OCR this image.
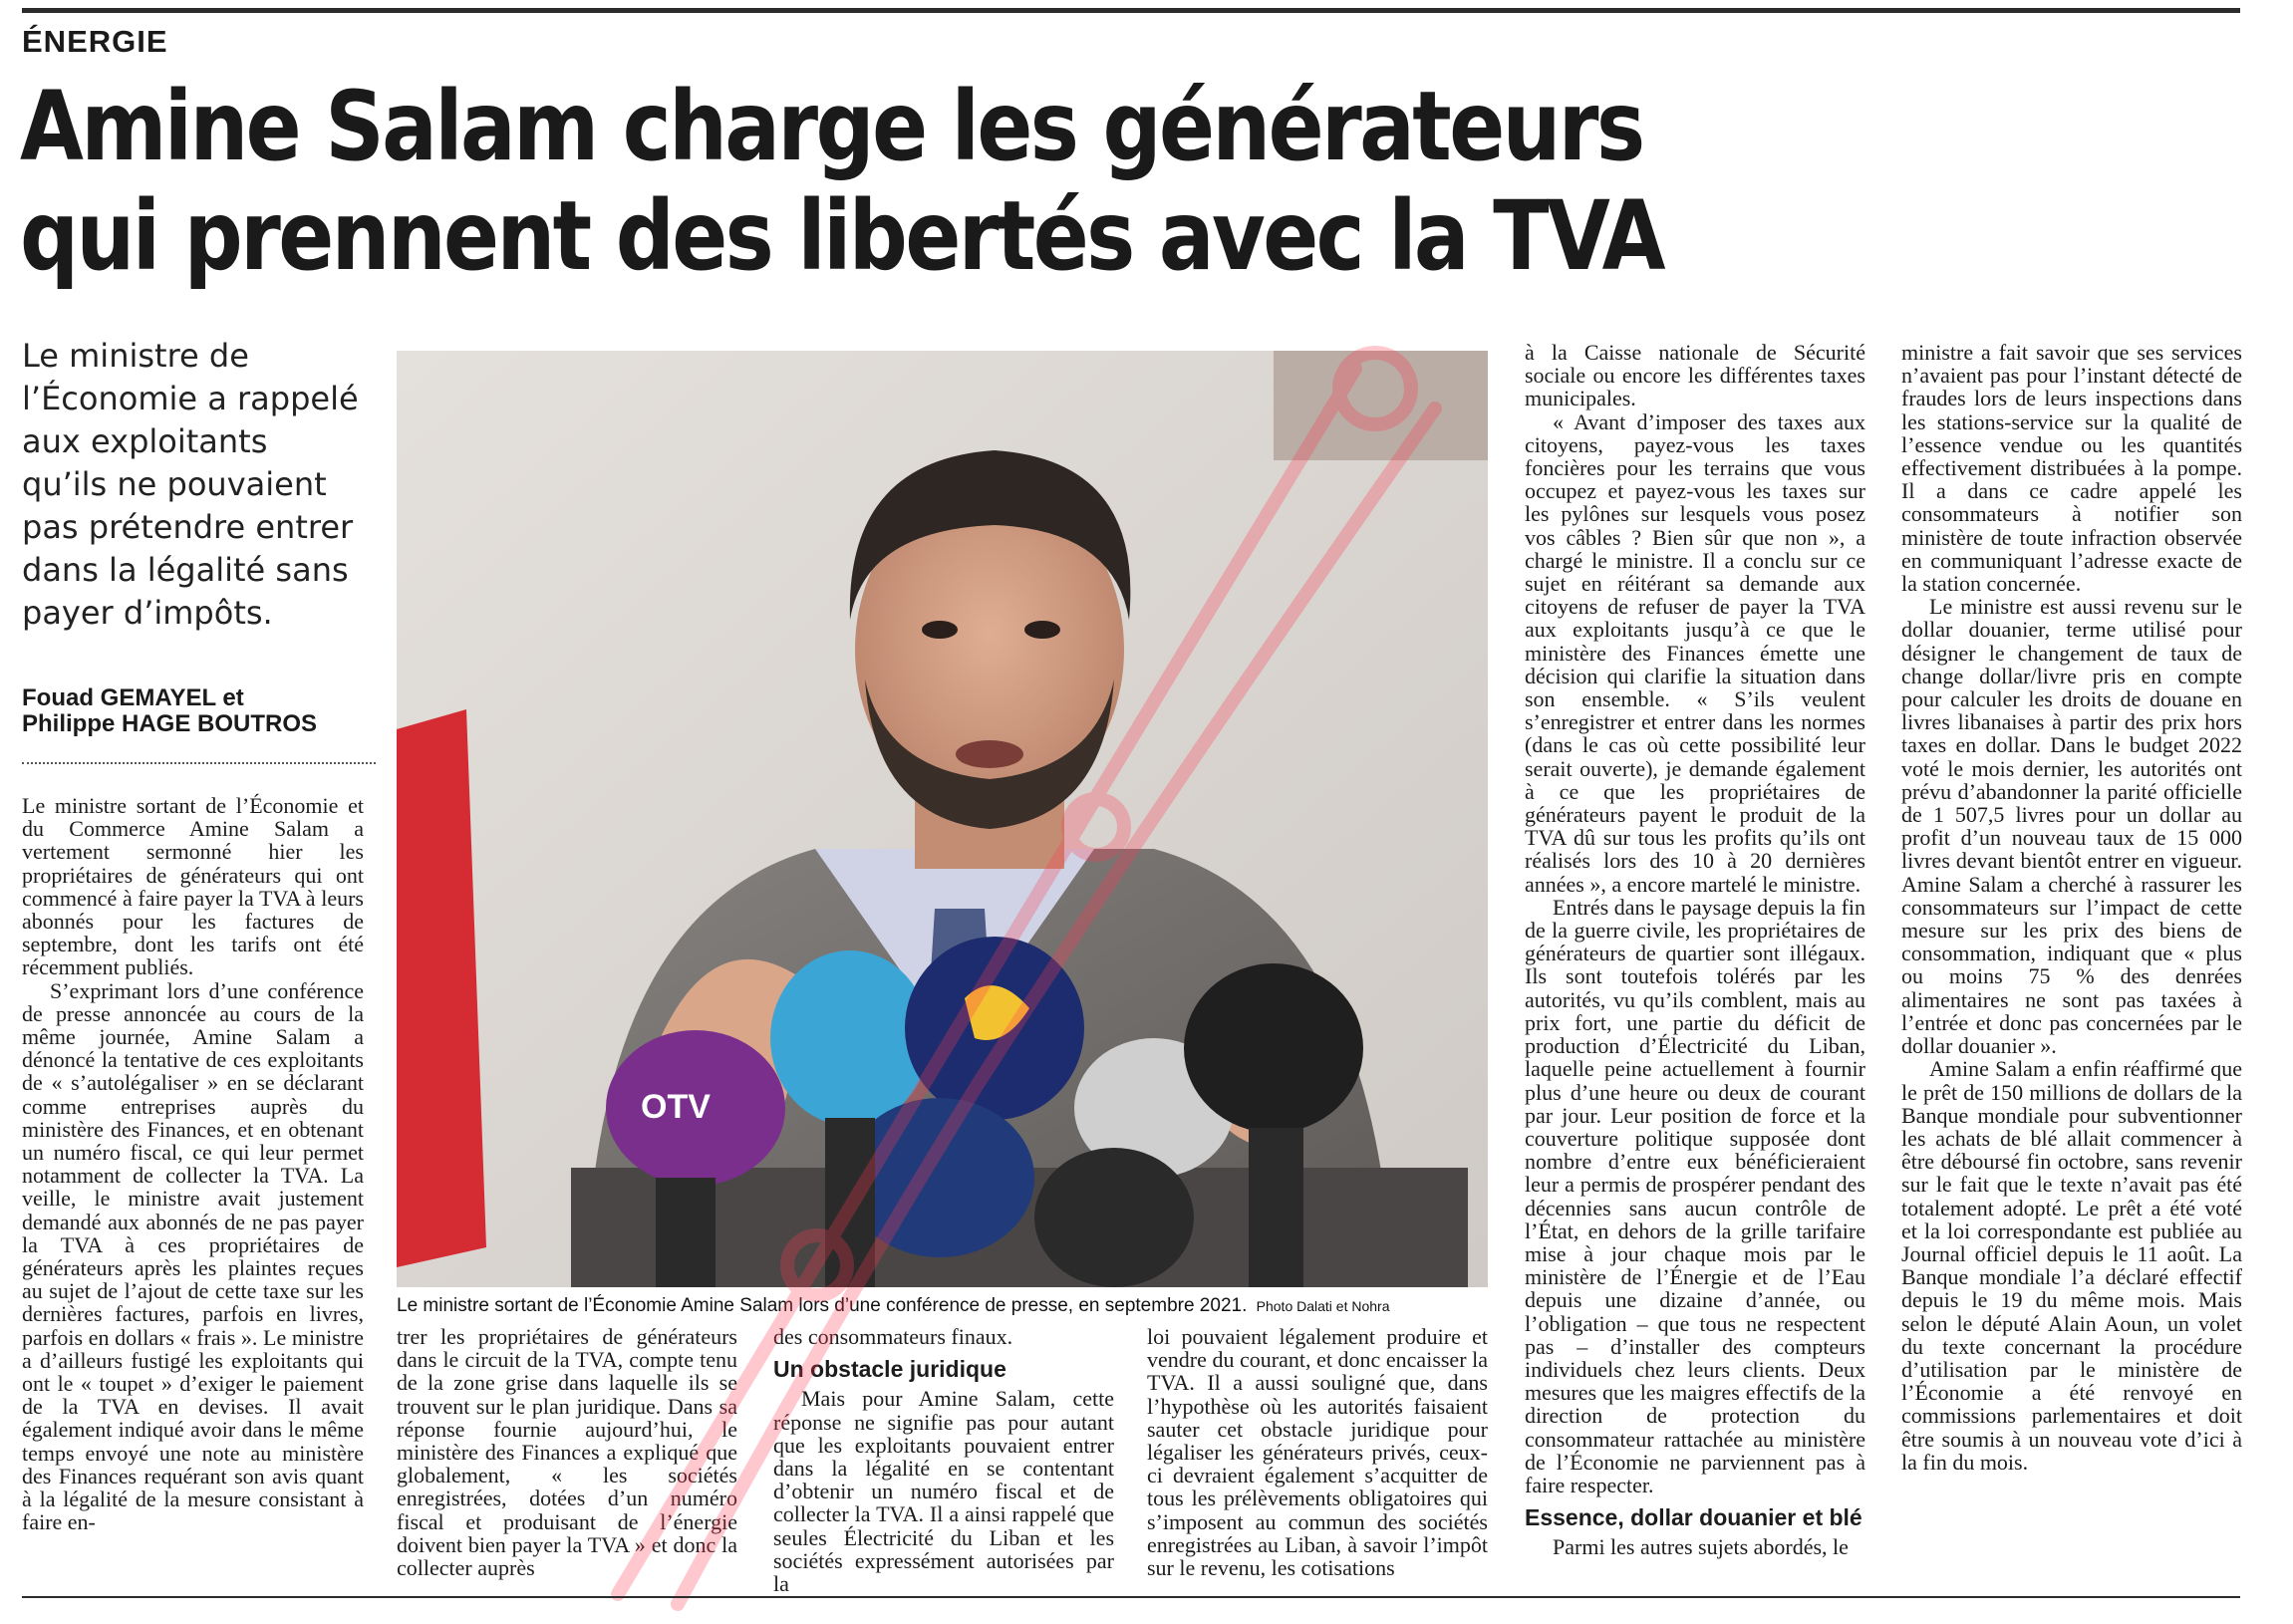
ÉNERGIE
Amine Salam charge les générateurs
qui prennent des libertés avec la TVA
Le ministre de
l’Économie a rappelé
aux exploitants
qu’ils ne pouvaient
pas prétendre entrer
dans la légalité sans
payer d’impôts.
Fouad GEMAYEL et
Philippe HAGE BOUTROS

Le ministre sortant de l’Économie et du Commerce Amine Salam a vertement sermonné hier les propriétaires de générateurs qui ont commencé à faire payer la TVA à leurs abonnés pour les factures de septembre, dont les tarifs ont été récemment publiés.

S’exprimant lors d’une conférence de presse annoncée au cours de la même journée, Amine Salam a dénoncé la tentative de ces exploitants de « s’autolégaliser » en se déclarant comme entreprises auprès du ministère des Finances, et en obtenant un numéro fiscal, ce qui leur permet notamment de collecter la TVA. La veille, le ministre avait justement demandé aux abonnés de ne pas payer la TVA à ces propriétaires de générateurs après les plaintes reçues au sujet de l’ajout de cette taxe sur les dernières factures, parfois en livres, parfois en dollars « frais ». Le ministre a d’ailleurs fustigé les exploitants qui ont le « toupet » d’exiger le paiement de la TVA en devises. Il avait également indiqué avoir dans le même temps envoyé une note au ministère des Finances requérant son avis quant à la légalité de la mesure consistant à faire en-

OTV
Le ministre sortant de l’Économie Amine Salam lors d’une conférence de presse, en septembre 2021. Photo Dalati et Nohra

trer les propriétaires de générateurs dans le circuit de la TVA, compte tenu de la zone grise dans laquelle ils se trouvent sur le plan juridique. Dans sa réponse fournie aujourd’hui, le ministère des Finances a expliqué que globalement, « les sociétés enregistrées, dotées d’un numéro fiscal et produisant de l’énergie doivent bien payer la TVA » et donc la collecter auprès

des consommateurs finaux.

Un obstacle juridique

Mais pour Amine Salam, cette réponse ne signifie pas pour autant que les exploitants pouvaient entrer dans la légalité en se contentant d’obtenir un numéro fiscal et de collecter la TVA. Il a ainsi rappelé que seules Électricité du Liban et les sociétés expressément autorisées par la

loi pouvaient légalement produire et vendre du courant, et donc encaisser la TVA. Il a aussi souligné que, dans l’hypothèse où les autorités faisaient sauter cet obstacle juridique pour légaliser les générateurs privés, ceux-ci devraient également s’acquitter de tous les prélèvements obligatoires qui s’imposent au commun des sociétés enregistrées au Liban, à savoir l’impôt sur le revenu, les cotisations

à la Caisse nationale de Sécurité sociale ou encore les différentes taxes municipales.

« Avant d’imposer des taxes aux citoyens, payez-vous les taxes foncières pour les terrains que vous occupez et payez-vous les taxes sur les pylônes sur lesquels vous posez vos câbles ? Bien sûr que non », a chargé le ministre. Il a conclu sur ce sujet en réitérant sa demande aux citoyens de refuser de payer la TVA aux exploitants jusqu’à ce que le ministère des Finances émette une décision qui clarifie la situation dans son ensemble. « S’ils veulent s’enregistrer et entrer dans les normes (dans le cas où cette possibilité leur serait ouverte), je demande également à ce que les propriétaires de générateurs payent le produit de la TVA dû sur tous les profits qu’ils ont réalisés lors des 10 à 20 dernières années », a encore martelé le ministre.

Entrés dans le paysage depuis la fin de la guerre civile, les propriétaires de générateurs de quartier sont illégaux. Ils sont toutefois tolérés par les autorités, vu qu’ils comblent, mais au prix fort, une partie du déficit de production d’Électricité du Liban, laquelle peine actuellement à fournir plus d’une heure ou deux de courant par jour. Leur position de force et la couverture politique supposée dont nombre d’entre eux bénéficieraient leur a permis de prospérer pendant des décennies sans aucun contrôle de l’État, en dehors de la grille tarifaire mise à jour chaque mois par le ministère de l’Énergie et de l’Eau depuis une dizaine d’année, ou l’obligation – que tous ne respectent pas – d’installer des compteurs individuels chez leurs clients. Deux mesures que les maigres effectifs de la direction de protection du consommateur rattachée au ministère de l’Économie ne parviennent pas à faire respecter.

Essence, dollar douanier et blé

Parmi les autres sujets abordés, le

ministre a fait savoir que ses services n’avaient pas pour l’instant détecté de fraudes lors de leurs inspections dans les stations-service sur la qualité de l’essence vendue ou les quantités effectivement distribuées à la pompe. Il a dans ce cadre appelé les consommateurs à notifier son ministère de toute infraction observée en communiquant l’adresse exacte de la station concernée.

Le ministre est aussi revenu sur le dollar douanier, terme utilisé pour désigner le changement de taux de change dollar/livre pris en compte pour calculer les droits de douane en livres libanaises à partir des prix hors taxes en dollar. Dans le budget 2022 voté le mois dernier, les autorités ont prévu d’abandonner la parité officielle de 1 507,5 livres pour un dollar au profit d’un nouveau taux de 15 000 livres devant bientôt entrer en vigueur. Amine Salam a cherché à rassurer les consommateurs sur l’impact de cette mesure sur les prix des biens de consommation, indiquant que « plus ou moins 75 % des denrées alimentaires ne sont pas taxées à l’entrée et donc pas concernées par le dollar douanier ».

Amine Salam a enfin réaffirmé que le prêt de 150 millions de dollars de la Banque mondiale pour subventionner les achats de blé allait commencer à être déboursé fin octobre, sans revenir sur le fait que le texte n’avait pas été totalement adopté. Le prêt a été voté et la loi correspondante est publiée au Journal officiel depuis le 11 août. La Banque mondiale l’a déclaré effectif depuis le 19 du même mois. Mais selon le député Alain Aoun, un volet du texte concernant la procédure d’utilisation par le ministère de l’Économie a été renvoyé en commissions parlementaires et doit être soumis à un nouveau vote d’ici à la fin du mois.
